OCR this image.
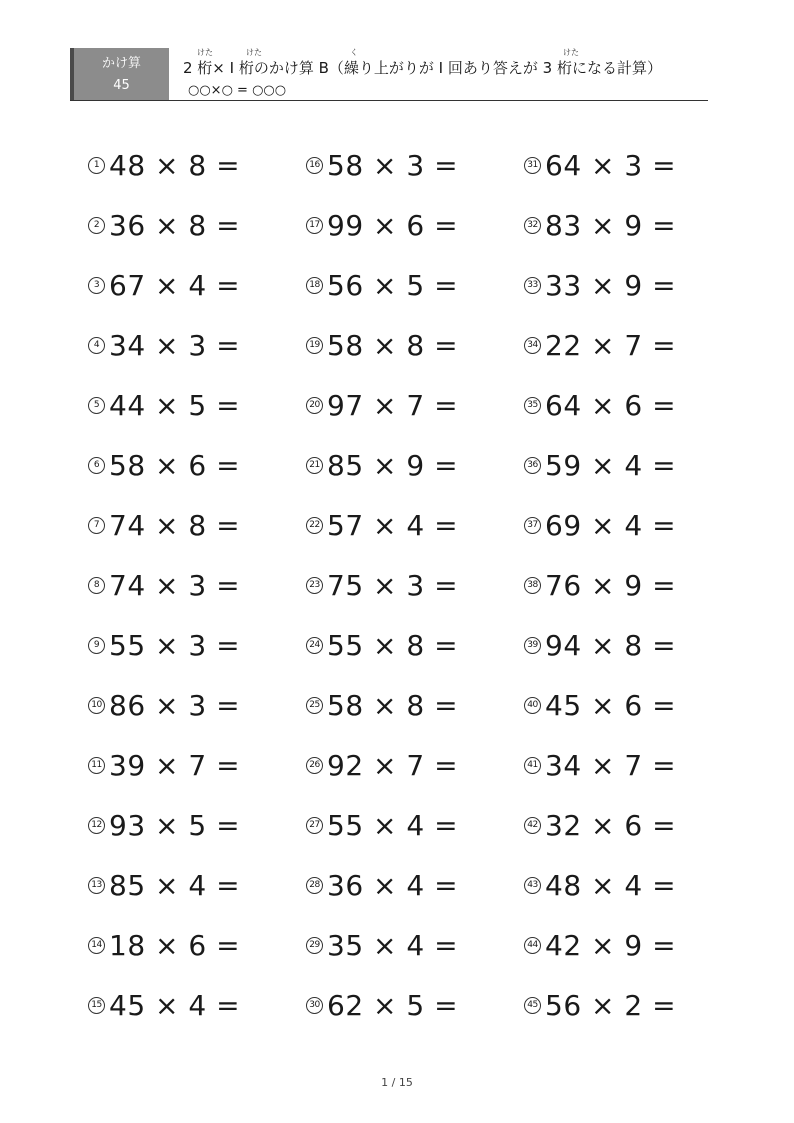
かけ算
45
けた	けた	く	けた
2 桁× I 桁のかけ算 B（繰り上がりが I 回あり答えが 3 桁になる計算）
○○×○ = ○○○
1 48 × 8 =
2 36 × 8 =
3 67 × 4 =
4 34 × 3 =
5 44 × 5 =
6 58 × 6 =
7 74 × 8 =
8 74 × 3 =
9 55 × 3 =
10 86 × 3 =
11 39 × 7 =
12 93 × 5 =
13 85 × 4 =
14 18 × 6 =
15 45 × 4 =
16 58 × 3 =
17 99 × 6 =
18 56 × 5 =
19 58 × 8 =
20 97 × 7 =
21 85 × 9 =
22 57 × 4 =
23 75 × 3 =
24 55 × 8 =
25 58 × 8 =
26 92 × 7 =
27 55 × 4 =
28 36 × 4 =
29 35 × 4 =
30 62 × 5 =
31 64 × 3 =
32 83 × 9 =
33 33 × 9 =
34 22 × 7 =
35 64 × 6 =
36 59 × 4 =
37 69 × 4 =
38 76 × 9 =
39 94 × 8 =
40 45 × 6 =
41 34 × 7 =
42 32 × 6 =
43 48 × 4 =
44 42 × 9 =
45 56 × 2 =
1 / 15
